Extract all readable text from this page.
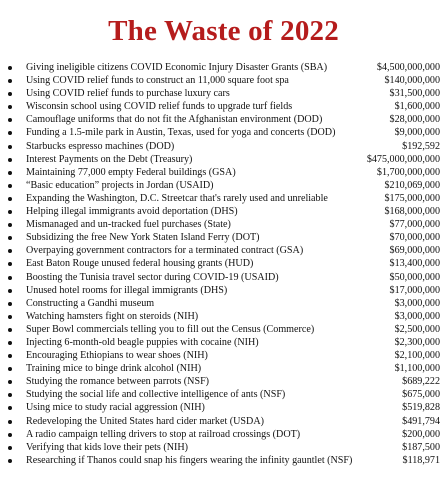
The Waste of 2022
Giving ineligible citizens COVID Economic Injury Disaster Grants (SBA)	$4,500,000,000
Using COVID relief funds to construct an 11,000 square foot spa	$140,000,000
Using COVID relief funds to purchase luxury cars	$31,500,000
Wisconsin school using COVID relief funds to upgrade turf fields	$1,600,000
Camouflage uniforms that do not fit the Afghanistan environment (DOD)	$28,000,000
Funding a 1.5-mile park in Austin, Texas, used for yoga and concerts (DOD)	$9,000,000
Starbucks espresso machines (DOD)	$192,592
Interest Payments on the Debt (Treasury)	$475,000,000,000
Maintaining 77,000 empty Federal buildings (GSA)	$1,700,000,000
“Basic education” projects in Jordan (USAID)	$210,069,000
Expanding the Washington, D.C. Streetcar that's rarely used and unreliable	$175,000,000
Helping illegal immigrants avoid deportation (DHS)	$168,000,000
Mismanaged and un-tracked fuel purchases (State)	$77,000,000
Subsidizing the free New York Staten Island Ferry (DOT)	$70,000,000
Overpaying government contractors for a terminated contract (GSA)	$69,000,000
East Baton Rouge unused federal housing grants (HUD)	$13,400,000
Boosting the Tunisia travel sector during COVID-19 (USAID)	$50,000,000
Unused hotel rooms for illegal immigrants (DHS)	$17,000,000
Constructing a Gandhi museum	$3,000,000
Watching hamsters fight on steroids (NIH)	$3,000,000
Super Bowl commercials telling you to fill out the Census (Commerce)	$2,500,000
Injecting 6-month-old beagle puppies with cocaine (NIH)	$2,300,000
Encouraging Ethiopians to wear shoes (NIH)	$2,100,000
Training mice to binge drink alcohol (NIH)	$1,100,000
Studying the romance between parrots (NSF)	$689,222
Studying the social life and collective intelligence of ants (NSF)	$675,000
Using mice to study racial aggression (NIH)	$519,828
Redeveloping the United States hard cider market (USDA)	$491,794
A radio campaign telling drivers to stop at railroad crossings (DOT)	$200,000
Verifying that kids love their pets (NIH)	$187,500
Researching if Thanos could snap his fingers wearing the infinity gauntlet (NSF)	$118,971
